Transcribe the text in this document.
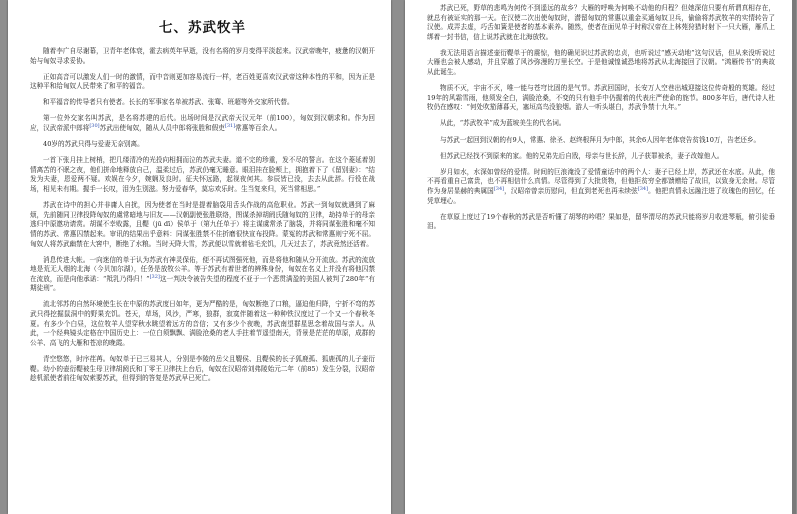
七、苏武牧羊

随着李广自尽谢幕，卫青年老体衰，霍去病英年早逝，没有名将的岁月变得平淡起来。汉武帝晚年，疲惫的汉朝开始与匈奴寻求妥协。

正如高音可以激发人们一时的激情，而中音则更加容易流行一样，老百姓更喜欢汉武帝这种本性的平和，因为正是这种平和给匈奴人民带来了和平的福音。

和平福音的传导者只有使者。长长的军事家名单被苏武、张骞、班超等外交家所代替。

第一位外交家名叫苏武，是名将苏建的后代。出场时间是汉武帝天汉元年（前100），匈奴到汉朝求和。作为回应，汉武帝派中郎将[30]苏武出使匈奴，随从人员中郎将张胜和假吏[31]常惠等百余人。

40岁的苏武只得与爱妻无奈别离。

一首下张月挂上树梢，把几缕清冷的光投向相拥而泣的苏武夫妻。道不完的珍重，发不尽的誓言。在这个菱延着别情离苦的不眠之夜，他们拼命地释放自己，温柔过后，苏武仍毫无睡意。眼泪挂在脸颊上，拥抱着下了《留别妻》：“结发为夫妻，恩爱两不疑。欢娱在今夕，婉娴及良时。征夫怀远路，起视夜何其。参辰皆已没，去去从此辞。行役在战场，相见未有期。握手一长叹，泪为生别滋。努力爱春华，莫忘欢乐时。生当复来归，死当常相思。”

苏武在诗中的担心并非庸人自扰，因为使者在当时是提着脑袋用舌头作战的高危职业。苏武一到匈奴就遇到了麻烦，先前随同卫律投降匈奴的虞常暗地与旧友——汉朝副使张胜联络，图谋杀掉胡阏氏随匈奴的卫律，劫持单于的母亲逃归中原邀功请赏。胡谋不幸败露，且鞮（jū dī）侯单于（第九任单于）将主谋虞常杀了脑袋，并将同谋张胜和毫不知情的苏武、常惠囚禁起来。审讯的结果出乎意料：同谋张胜禁不住折磨很快宣布投降。蒙冤的苏武和常惠则宁死不屈。匈奴人将苏武幽禁在大窖中，断绝了水粮。当时天降大雪，苏武便以雪就着毡毛充饥，几天过去了，苏武竟然还活着。

消息传进大帐。一向迷信的单于认为苏武有神灵保佑，便不再试图强死他，而是将他和随从分开流放。苏武的流放地是荒无人烟的北海（今贝加尔湖），任务是放牧公羊。等于苏武有着世者的辨殊身份，匈奴在名义上并没有将他囚禁在流放，而是向他承诺：“羝乳乃得归！”[32]这一判决令被告失望的程度不亚于一个恶贯满盈的美国人被判了280年“有期徒刑”。

流北邻苏的自然环境使生长在中原的苏武度日如年，更为严酷的是，匈奴断绝了口粮，逼迫他归降，宁折不弯的苏武只得挖掘鼠洞中的野果充饥。苍天，草场，风沙，严寒，狼群，寂寞伴随着这一种种铁汉度过了一个又一个春秋冬夏。有多少个白昼，这位牧羊人望穿秋水眺望着远方的音信；又有多少个夜晚，苏武南望群星思念着故国与亲人。从此，一个经典镜头定格在中国历史上：一位白须飘飘、满脸沧桑的老人手拄着节遥望南天，背景是茫茫的草原，成群的公羊、高飞的大雁和苍凉的晚霞。

青空悠悠，时序荏苒。匈奴单于已三易其人，分别是李陵的岳父且鞮侯、且鞮侯的长子狐鹿孤、狐鹿孤的儿子壶衍鞮。幼小的壶衍鞮被生母卫律胡阏氏和丁零王卫律扶上台后，匈奴在汉昭帝刘弗陵始元二年（前85）发生分裂，汉昭帝趁机派使者前往匈奴索要苏武，但得到的答复是苏武早已死亡。

苏武已死，野草的悲鸣为何传不到遥远的故乡？大雁的呼唤为何唤不动他的归程？但她深信只要有所谓真相存在，就总有被证实的那一天。在汉使二次出使匈奴时，潜留匈奴的常惠以重金买通匈奴卫兵，偷偷将苏武牧羊的实情转告了汉使。成弄去虚，巧舌如簧是使者的基本素养。随然，使者在面见单于时称汉帝在上林苑狩猎时射下一只大雁，雁爪上绑着一封书信，信上说苏武就在北海放牧。

我无法用语言描述壶衍鞮单于的震惊，他的确见识过苏武的忠贞，也听说过“感天动地”这句汉话，但从来没听说过大雁也会被人感动，并且穿越了风沙弥漫的万里长空。于是他诚惶诚恐地将苏武从北海接回了汉朝。“鸿雁传书”的典故从此诞生。

物质不灭，宇宙不灭，唯一能与苍穹比固的是气节。苏武回国时，长安万人空巷出城迎接这位传奇般的英雄。经过19年的风霜雪雨，他须发全白，满脸沧桑，不变的只有他手中仍握着的代表庄严使命的旄节。800多年后，唐代诗人杜牧仍在感叹：“何处吹笳薄暮天，塞垣高鸟没狼烟。游人一听头堪白，苏武争禁十九年。”

从此，“苏武牧羊”成为蓝坡美生的代名词。

与苏武一起回到汉朝的有9人，常惠、徐圣、赵终根拜月为中郎，其余6人因年老体衰告贫钱10万，告老还乡。

但苏武已经找不到原来的家。他的兄弟先后自戕，母亲与世长辞，儿子获罪被杀，妻子改嫁他人。

岁月如水，水深如曾经的爱情。时间的巨浪淹没了爱情童话中的两个人：妻子已经上岸，苏武还在水底。从此，他不再看重自己富贵，也不再相信什么真情。尽管得到了大批货物，但他拒贫穷全都馈赠给了故旧，以致身无余财。尽管作为身居显赫的典属国[34]，汉昭帝曾亲历慰问，但直到老死也再未续弦[34]。他把真情永远融注进了玫瑰色的回忆，任凭草埋心。

在草原上度过了19个春秋的苏武是否听懂了胡琴的吟唱？果如是，留华渭尽的苏武只能将岁月收进琴瓶，俯引徒垂泪。
